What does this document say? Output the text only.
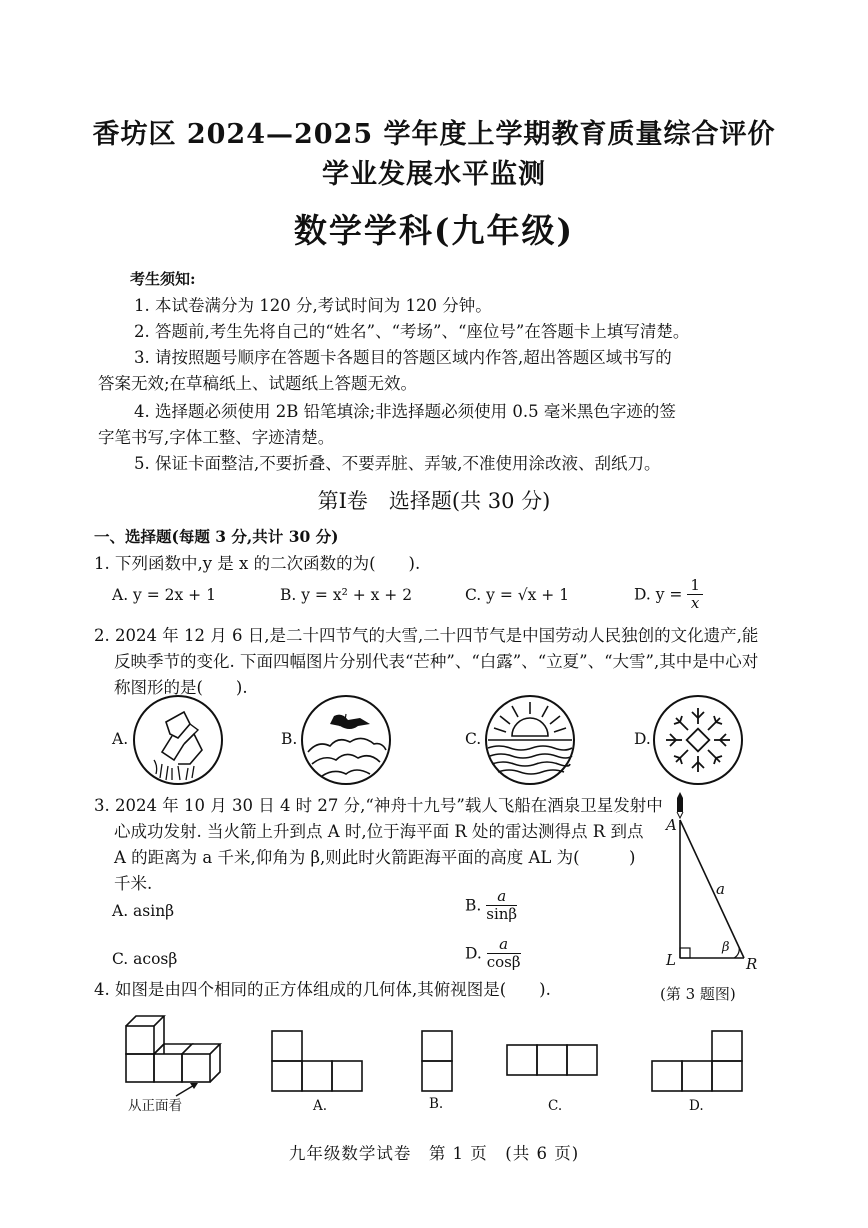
香坊区 2024—2025 学年度上学期教育质量综合评价
学业发展水平监测
数学学科(九年级)
考生须知:
1. 本试卷满分为 120 分,考试时间为 120 分钟。
2. 答题前,考生先将自己的“姓名”、“考场”、“座位号”在答题卡上填写清楚。
3. 请按照题号顺序在答题卡各题目的答题区域内作答,超出答题区域书写的
答案无效;在草稿纸上、试题纸上答题无效。
4. 选择题必须使用 2B 铅笔填涂;非选择题必须使用 0.5 毫米黑色字迹的签
字笔书写,字体工整、字迹清楚。
5. 保证卡面整洁,不要折叠、不要弄脏、弄皱,不准使用涂改液、刮纸刀。
第Ⅰ卷　选择题(共 30 分)
一、选择题(每题 3 分,共计 30 分)
1. 下列函数中,y 是 x 的二次函数的为(　　).
A. y = 2x + 1	B. y = x² + x + 2	C. y = √x + 1	D. $y = \frac{1}{x}$
2. 2024 年 12 月 6 日,是二十四节气的大雪,二十四节气是中国劳动人民独创的文化遗产,能
反映季节的变化. 下面四幅图片分别代表“芒种”、“白露”、“立夏”、“大雪”,其中是中心对
称图形的是(　　).
A.	B.	C.	D.
3. 2024 年 10 月 30 日 4 时 27 分,“神舟十九号”载人飞船在酒泉卫星发射中
心成功发射. 当火箭上升到点 A 时,位于海平面 R 处的雷达测得点 R 到点
A 的距离为 a 千米,仰角为 β,则此时火箭距海平面的高度 AL 为(　　　)
千米.
A. asinβ	B. $\frac{a}{\sin\beta}$
C. acosβ	D. $\frac{a}{\cos\beta}$
A
a
β
L	R
(第 3 题图)
4. 如图是由四个相同的正方体组成的几何体,其俯视图是(　　).
从正面看	A.	B.	C.	D.
九年级数学试卷　第 1 页　(共 6 页)
